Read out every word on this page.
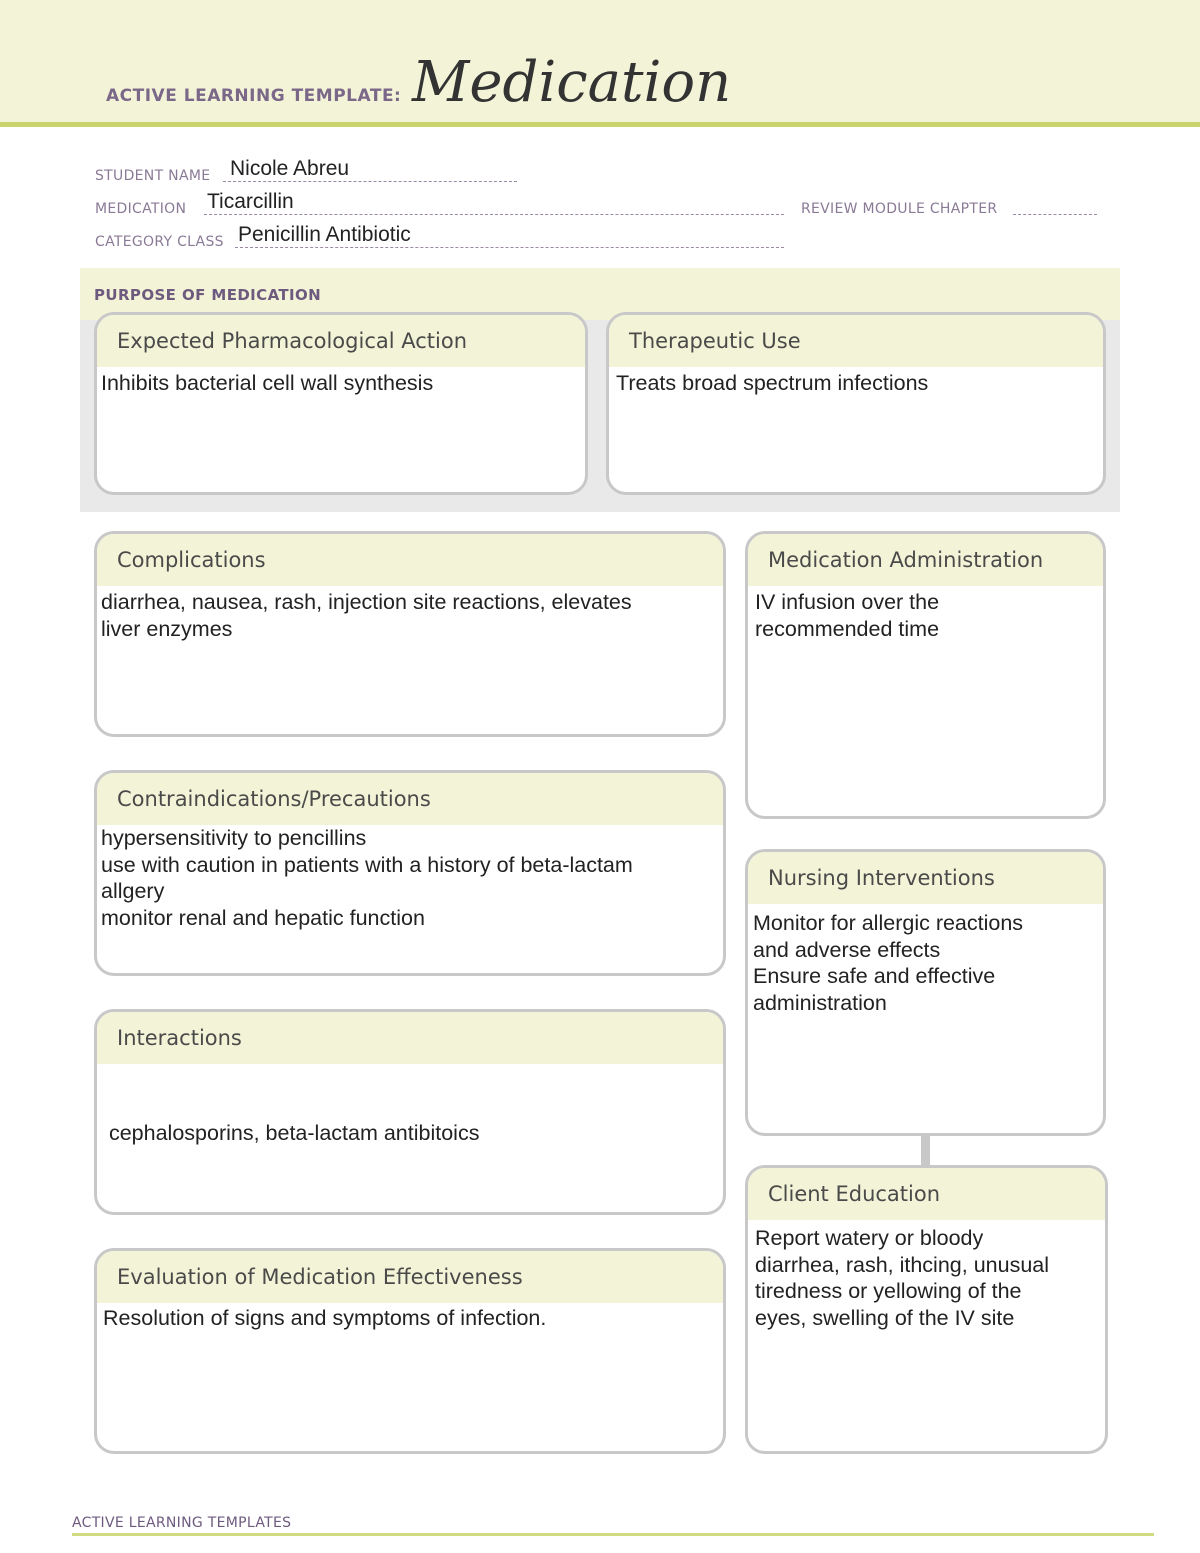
ACTIVE LEARNING TEMPLATE: Medication
STUDENT NAME Nicole Abreu
MEDICATION Ticarcillin	REVIEW MODULE CHAPTER
CATEGORY CLASS Penicillin Antibiotic
PURPOSE OF MEDICATION
Expected Pharmacological Action
Inhibits bacterial cell wall synthesis
Therapeutic Use
Treats broad spectrum infections
Complications
diarrhea, nausea, rash, injection site reactions, elevates
liver enzymes
Contraindications/Precautions
hypersensitivity to pencillins
use with caution in patients with a history of beta-lactam
allgery
monitor renal and hepatic function
Interactions

cephalosporins, beta-lactam antibitoics

Evaluation of Medication Effectiveness
Resolution of signs and symptoms of infection.
Medication Administration
IV infusion over the
recommended time
Nursing Interventions
Monitor for allergic reactions
and adverse effects
Ensure safe and effective
administration
Client Education
Report watery or bloody
diarrhea, rash, ithcing, unusual
tiredness or yellowing of the
eyes, swelling of the IV site
ACTIVE LEARNING TEMPLATES
